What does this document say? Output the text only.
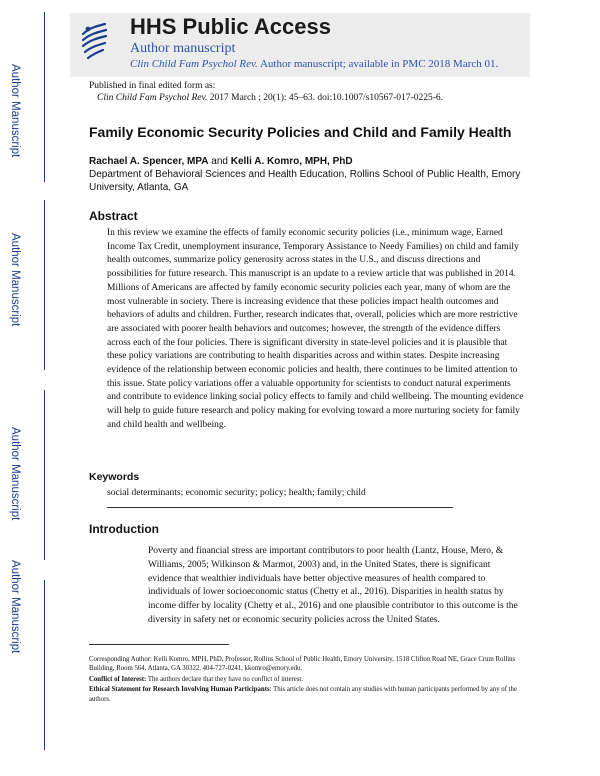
Author Manuscript
Author Manuscript
Author Manuscript
Author Manuscript
HHS Public Access
Author manuscript
Clin Child Fam Psychol Rev. Author manuscript; available in PMC 2018 March 01.
Published in final edited form as:
Clin Child Fam Psychol Rev. 2017 March ; 20(1): 45–63. doi:10.1007/s10567-017-0225-6.
Family Economic Security Policies and Child and Family Health
Rachael A. Spencer, MPA and Kelli A. Komro, MPH, PhD
Department of Behavioral Sciences and Health Education, Rollins School of Public Health, Emory University, Atlanta, GA
Abstract
In this review we examine the effects of family economic security policies (i.e., minimum wage, Earned Income Tax Credit, unemployment insurance, Temporary Assistance to Needy Families) on child and family health outcomes, summarize policy generosity across states in the U.S., and discuss directions and possibilities for future research. This manuscript is an update to a review article that was published in 2014. Millions of Americans are affected by family economic security policies each year, many of whom are the most vulnerable in society. There is increasing evidence that these policies impact health outcomes and behaviors of adults and children. Further, research indicates that, overall, policies which are more restrictive are associated with poorer health behaviors and outcomes; however, the strength of the evidence differs across each of the four policies. There is significant diversity in state-level policies and it is plausible that these policy variations are contributing to health disparities across and within states. Despite increasing evidence of the relationship between economic policies and health, there continues to be limited attention to this issue. State policy variations offer a valuable opportunity for scientists to conduct natural experiments and contribute to evidence linking social policy effects to family and child wellbeing. The mounting evidence will help to guide future research and policy making for evolving toward a more nurturing society for family and child health and wellbeing.
Keywords
social determinants; economic security; policy; health; family; child
Introduction
Poverty and financial stress are important contributors to poor health (Lantz, House, Mero, & Williams, 2005; Wilkinson & Marmot, 2003) and, in the United States, there is significant evidence that wealthier individuals have better objective measures of health compared to individuals of lower socioeconomic status (Chetty et al., 2016). Disparities in health status by income differ by locality (Chetty et al., 2016) and one plausible contributor to this outcome is the diversity in safety net or economic security policies across the United States.

Corresponding Author: Kelli Komro, MPH, PhD, Professor, Rollins School of Public Health, Emory University, 1518 Clifton Road NE, Grace Crum Rollins Building, Room 564, Atlanta, GA 30322, 404-727-0241, kkomro@emory.edu.

Conflict of Interest: The authors declare that they have no conflict of interest.

Ethical Statement for Research Involving Human Participants: This article does not contain any studies with human participants performed by any of the authors.
